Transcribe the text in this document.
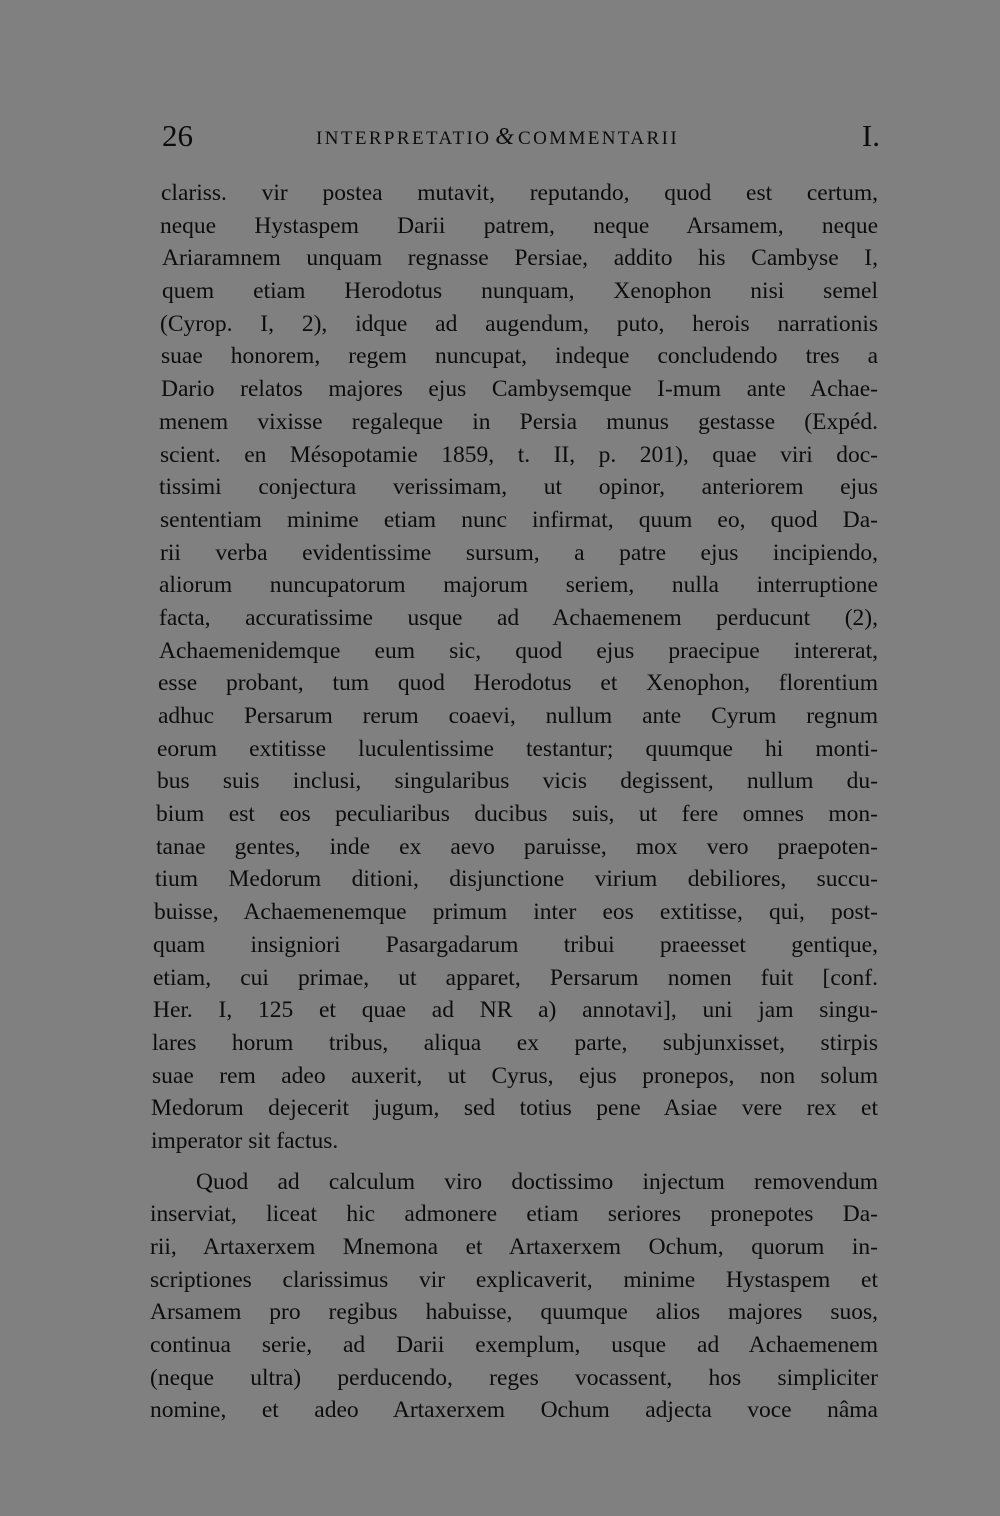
26	INTERPRETATIO & COMMENTARII	I.
clariss. vir postea mutavit, reputando, quod est certum,
neque Hystaspem Darii patrem, neque Arsamem, neque
Ariaramnem unquam regnasse Persiae, addito his Cambyse I,
quem etiam Herodotus nunquam, Xenophon nisi semel
(Cyrop. I, 2), idque ad augendum, puto, herois narrationis
suae honorem, regem nuncupat, indeque concludendo tres a
Dario relatos majores ejus Cambysemque I-mum ante Achae-
menem vixisse regaleque in Persia munus gestasse (Expéd.
scient. en Mésopotamie 1859, t. II, p. 201), quae viri doc-
tissimi conjectura verissimam, ut opinor, anteriorem ejus
sententiam minime etiam nunc infirmat, quum eo, quod Da-
rii verba evidentissime sursum, a patre ejus incipiendo,
aliorum nuncupatorum majorum seriem, nulla interruptione
facta, accuratissime usque ad Achaemenem perducunt (2),
Achaemenidemque eum sic, quod ejus praecipue intererat,
esse probant, tum quod Herodotus et Xenophon, florentium
adhuc Persarum rerum coaevi, nullum ante Cyrum regnum
eorum extitisse luculentissime testantur; quumque hi monti-
bus suis inclusi, singularibus vicis degissent, nullum du-
bium est eos peculiaribus ducibus suis, ut fere omnes mon-
tanae gentes, inde ex aevo paruisse, mox vero praepoten-
tium Medorum ditioni, disjunctione virium debiliores, succu-
buisse, Achaemenemque primum inter eos extitisse, qui, post-
quam insigniori Pasargadarum tribui praeesset gentique,
etiam, cui primae, ut apparet, Persarum nomen fuit [conf.
Her. I, 125 et quae ad NR a) annotavi], uni jam singu-
lares horum tribus, aliqua ex parte, subjunxisset, stirpis
suae rem adeo auxerit, ut Cyrus, ejus pronepos, non solum
Medorum dejecerit jugum, sed totius pene Asiae vere rex et
imperator sit factus.
Quod ad calculum viro doctissimo injectum removendum
inserviat, liceat hic admonere etiam seriores pronepotes Da-
rii, Artaxerxem Mnemona et Artaxerxem Ochum, quorum in-
scriptiones clarissimus vir explicaverit, minime Hystaspem et
Arsamem pro regibus habuisse, quumque alios majores suos,
continua serie, ad Darii exemplum, usque ad Achaemenem
(neque ultra) perducendo, reges vocassent, hos simpliciter
nomine, et adeo Artaxerxem Ochum adjecta voce nâma
